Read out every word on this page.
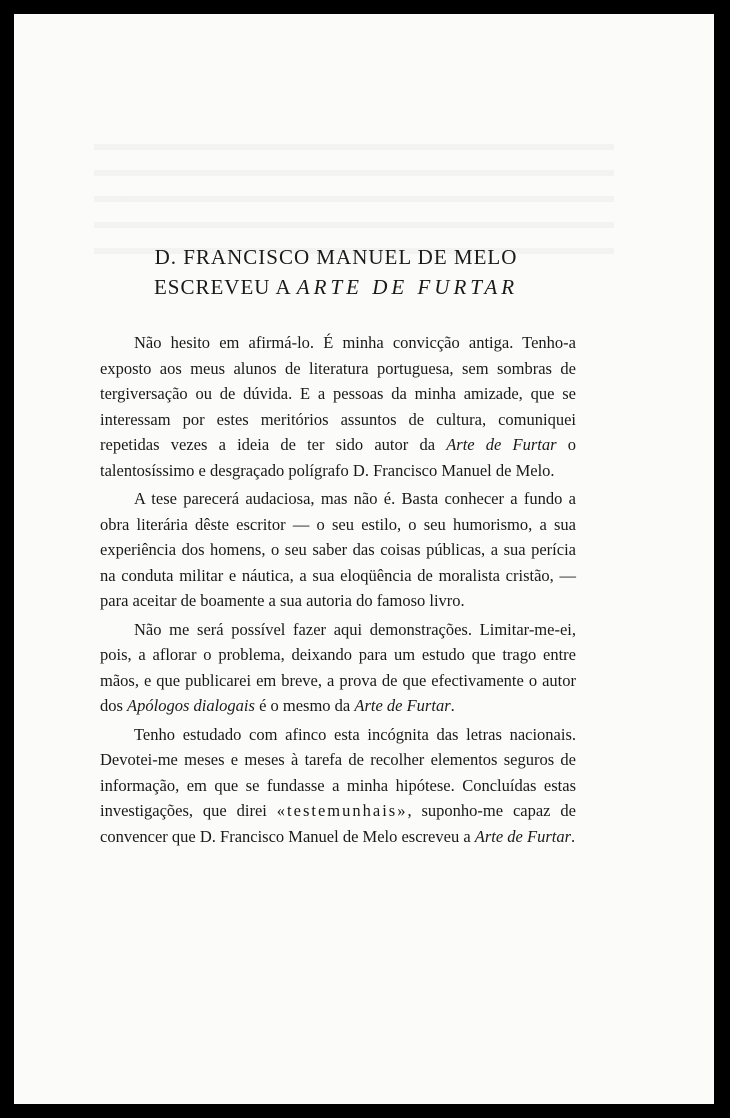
D. FRANCISCO MANUEL DE MELO
ESCREVEU A ARTE DE FURTAR

Não hesito em afirmá-lo. É minha convicção antiga. Tenho-a exposto aos meus alunos de literatura portuguesa, sem sombras de tergiversação ou de dúvida. E a pessoas da minha amizade, que se interessam por estes meritórios assuntos de cultura, comuniquei repetidas vezes a ideia de ter sido autor da Arte de Furtar o talentosíssimo e desgraçado polígrafo D. Francisco Manuel de Melo.

A tese parecerá audaciosa, mas não é. Basta conhecer a fundo a obra literária dêste escritor — o seu estilo, o seu humorismo, a sua experiência dos homens, o seu saber das coisas públicas, a sua perícia na conduta militar e náutica, a sua eloqüência de moralista cristão, — para aceitar de boamente a sua autoria do famoso livro.

Não me será possível fazer aqui demonstrações. Limitar-me-ei, pois, a aflorar o problema, deixando para um estudo que trago entre mãos, e que publicarei em breve, a prova de que efectivamente o autor dos Apólogos dialogais é o mesmo da Arte de Furtar.

Tenho estudado com afinco esta incógnita das letras nacionais. Devotei-me meses e meses à tarefa de recolher elementos seguros de informação, em que se fundasse a minha hipótese. Concluídas estas investigações, que direi «testemunhais», suponho-me capaz de convencer que D. Francisco Manuel de Melo escreveu a Arte de Furtar.
